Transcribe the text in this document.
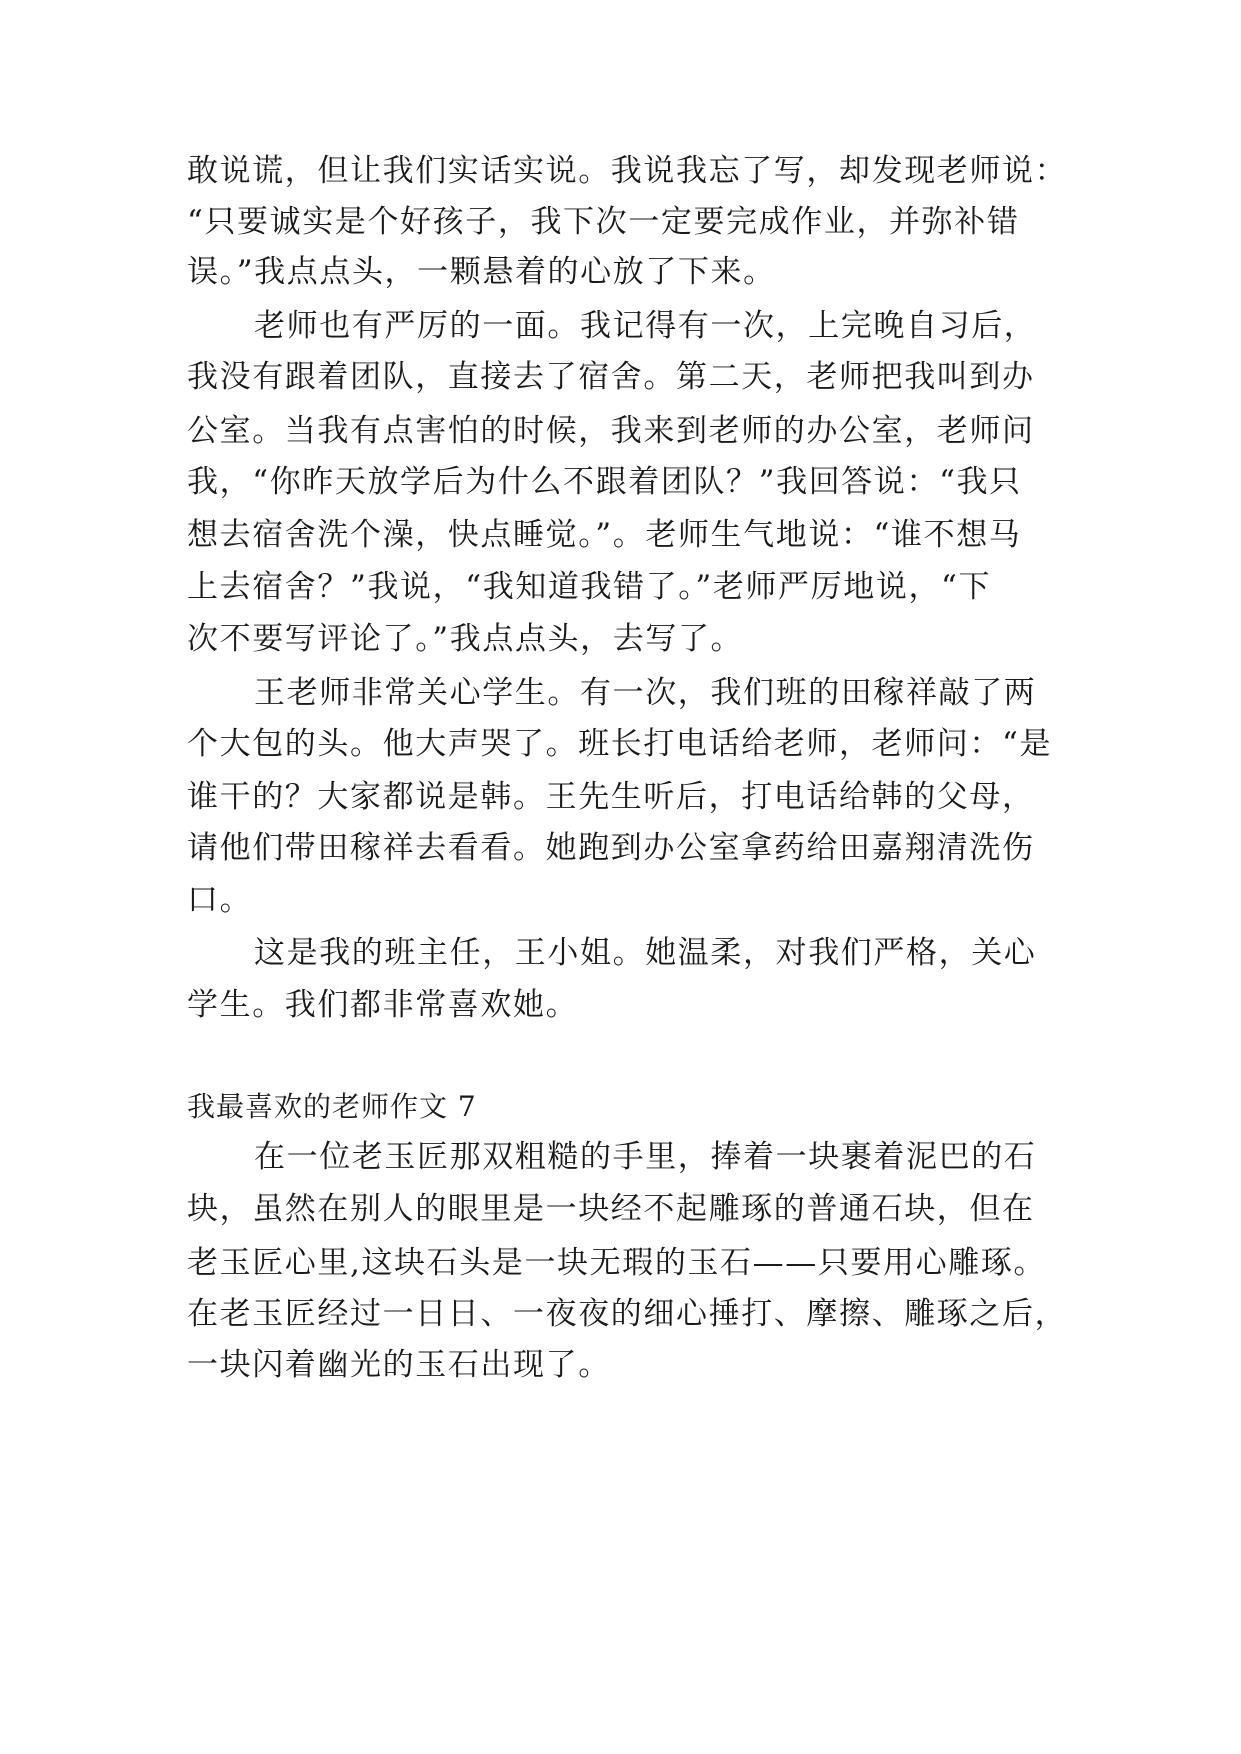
敢说谎，但让我们实话实说。我说我忘了写，却发现老师说：
“只要诚实是个好孩子，我下次一定要完成作业，并弥补错
误。”我点点头，一颗悬着的心放了下来。
老师也有严厉的一面。我记得有一次，上完晚自习后，
我没有跟着团队，直接去了宿舍。第二天，老师把我叫到办
公室。当我有点害怕的时候，我来到老师的办公室，老师问
我，“你昨天放学后为什么不跟着团队？”我回答说：“我只
想去宿舍洗个澡，快点睡觉。”。老师生气地说：“谁不想马
上去宿舍？”我说，“我知道我错了。”老师严厉地说，“下
次不要写评论了。”我点点头，去写了。
王老师非常关心学生。有一次，我们班的田稼祥敲了两
个大包的头。他大声哭了。班长打电话给老师，老师问：“是
谁干的？大家都说是韩。王先生听后，打电话给韩的父母，
请他们带田稼祥去看看。她跑到办公室拿药给田嘉翔清洗伤
口。
这是我的班主任，王小姐。她温柔，对我们严格，关心
学生。我们都非常喜欢她。
我最喜欢的老师作文 7
在一位老玉匠那双粗糙的手里，捧着一块裹着泥巴的石
块，虽然在别人的眼里是一块经不起雕琢的普通石块，但在
老玉匠心里,这块石头是一块无瑕的玉石——只要用心雕琢。
在老玉匠经过一日日、一夜夜的细心捶打、摩擦、雕琢之后，
一块闪着幽光的玉石出现了。
